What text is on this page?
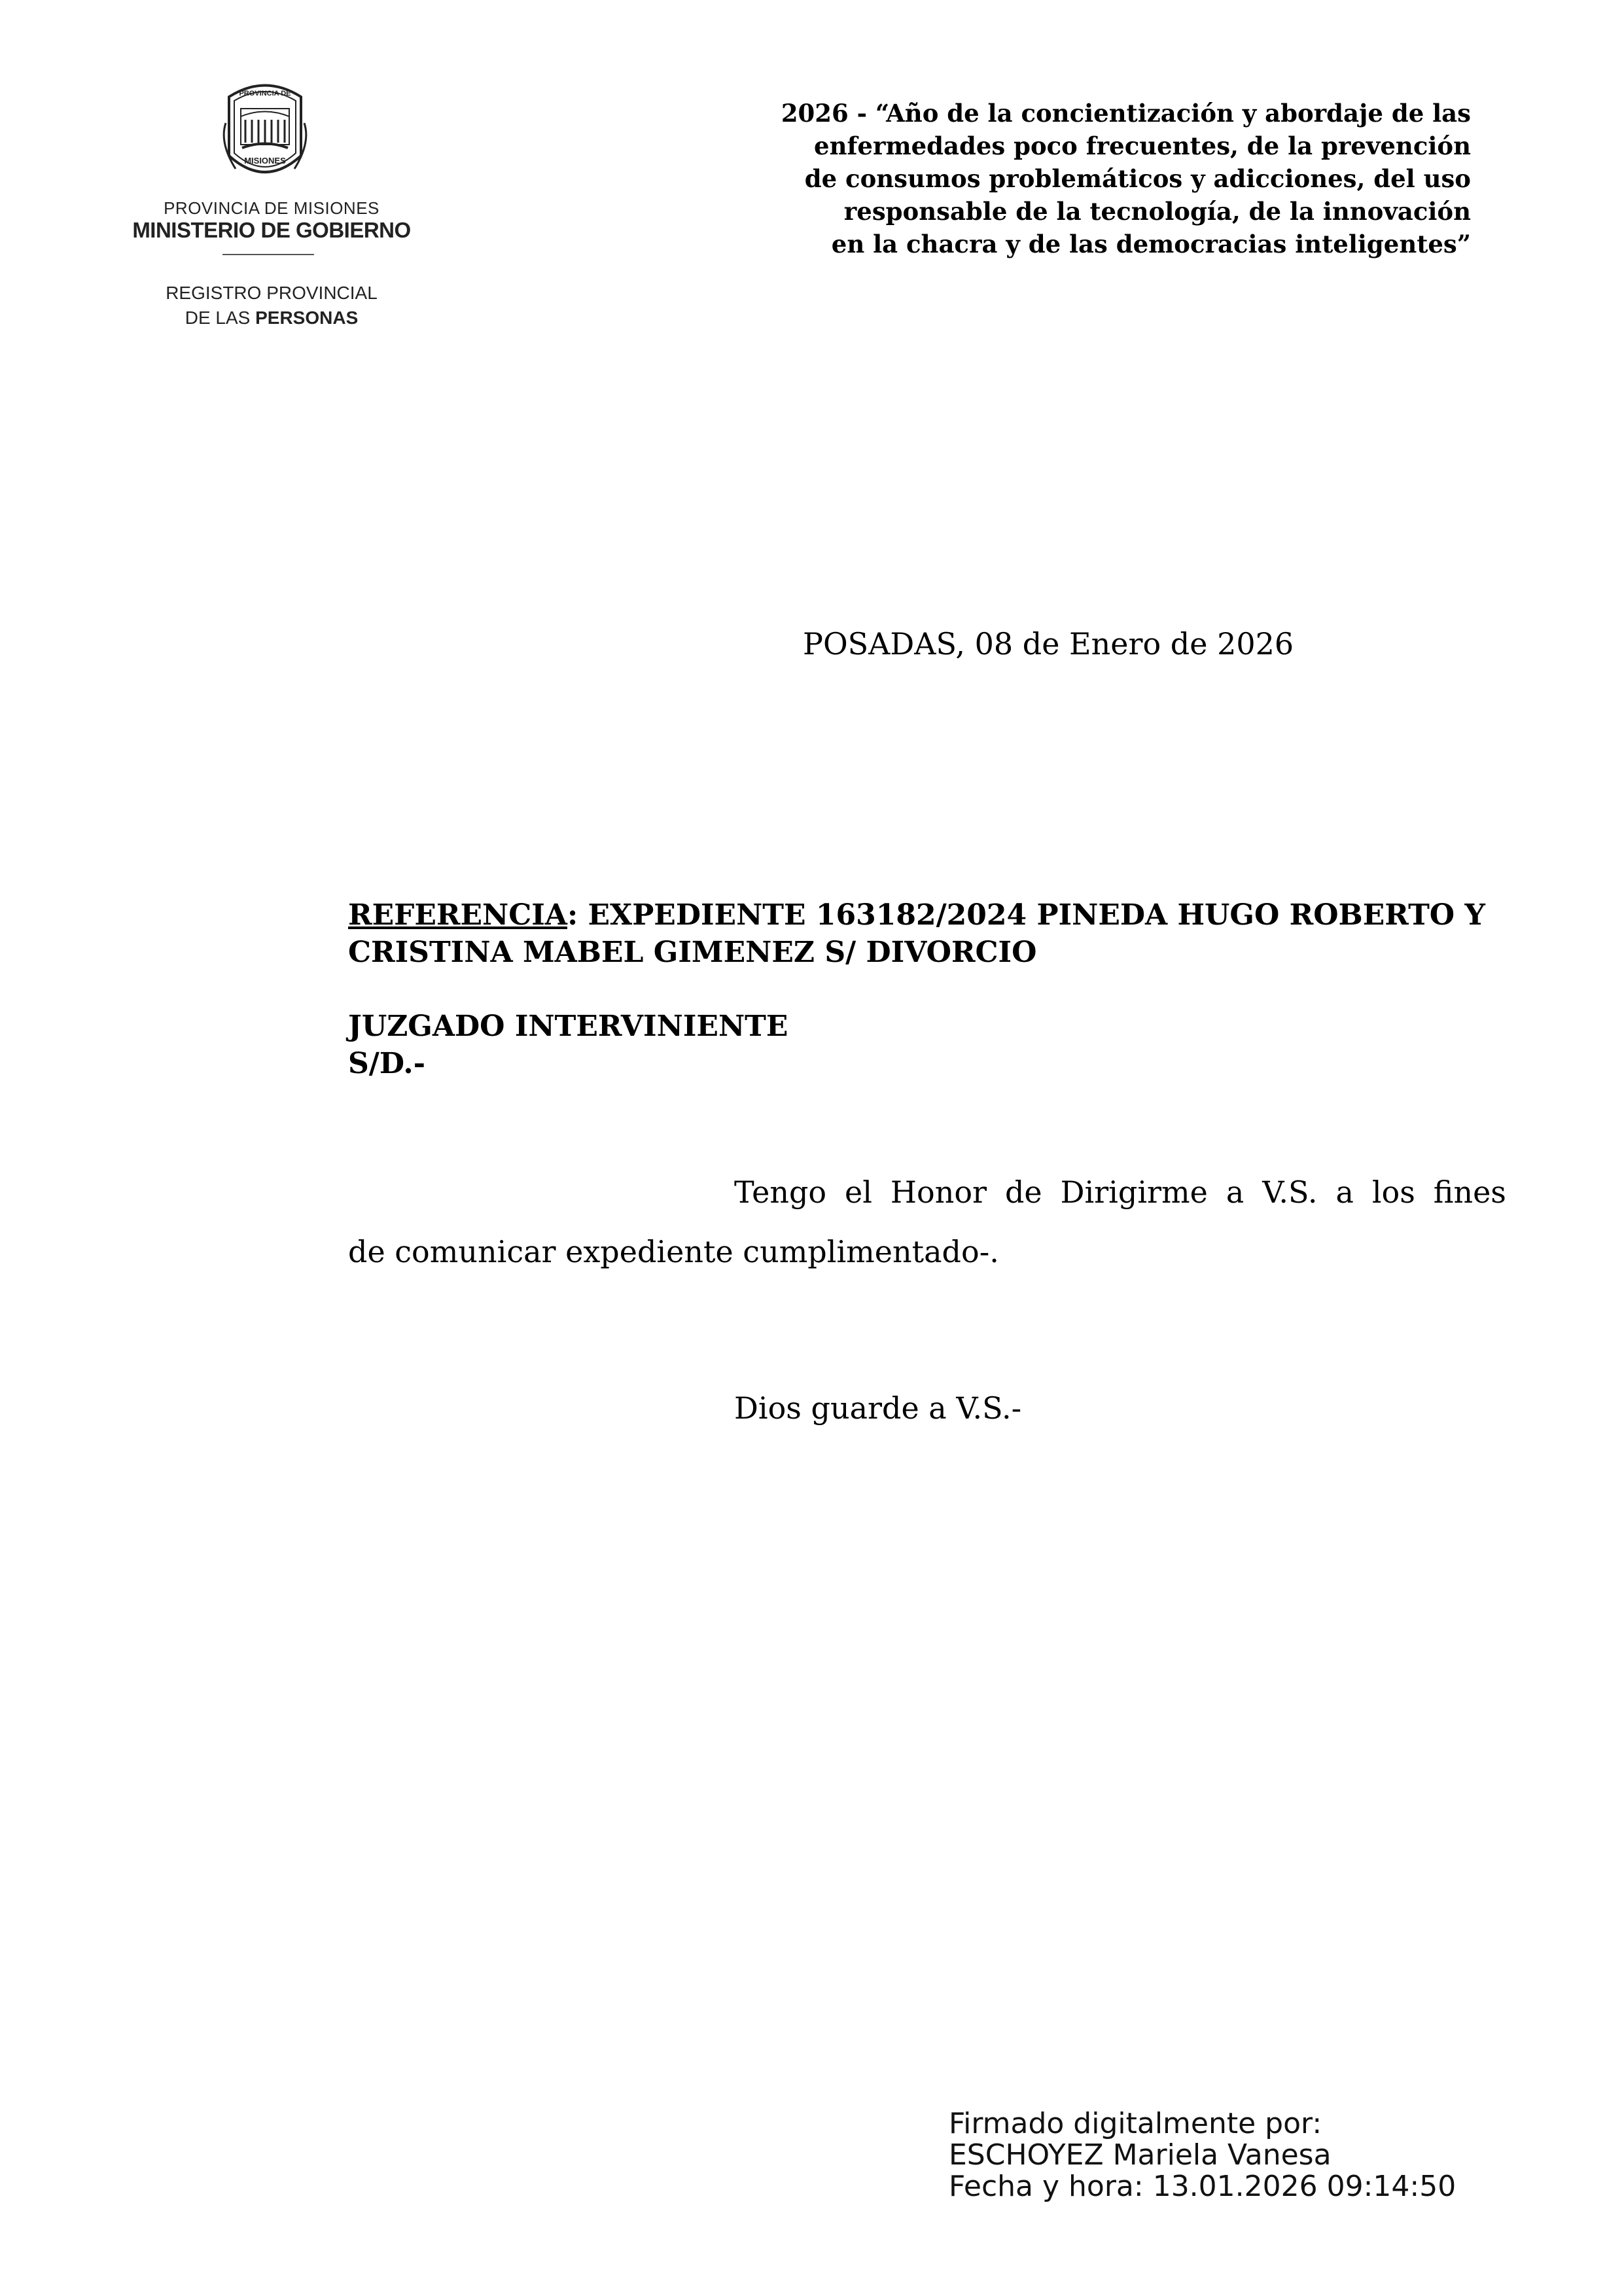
PROVINCIA DE
MISIONES
PROVINCIA DE MISIONES
MINISTERIO DE GOBIERNO
REGISTRO PROVINCIAL
DE LAS PERSONAS
2026 - “Año de la concientización y abordaje de las
enfermedades poco frecuentes, de la prevención
de consumos problemáticos y adicciones, del uso
responsable de la tecnología, de la innovación
en la chacra y de las democracias inteligentes”
POSADAS, 08 de Enero de 2026
REFERENCIA: EXPEDIENTE 163182/2024 PINEDA HUGO ROBERTO Y
CRISTINA MABEL GIMENEZ S/ DIVORCIO
JUZGADO INTERVINIENTE
S/D.-
Tengo el Honor de Dirigirme a V.S. a los fines
de comunicar expediente cumplimentado-.
Dios guarde a V.S.-
Firmado digitalmente por:
ESCHOYEZ Mariela Vanesa
Fecha y hora: 13.01.2026 09:14:50
